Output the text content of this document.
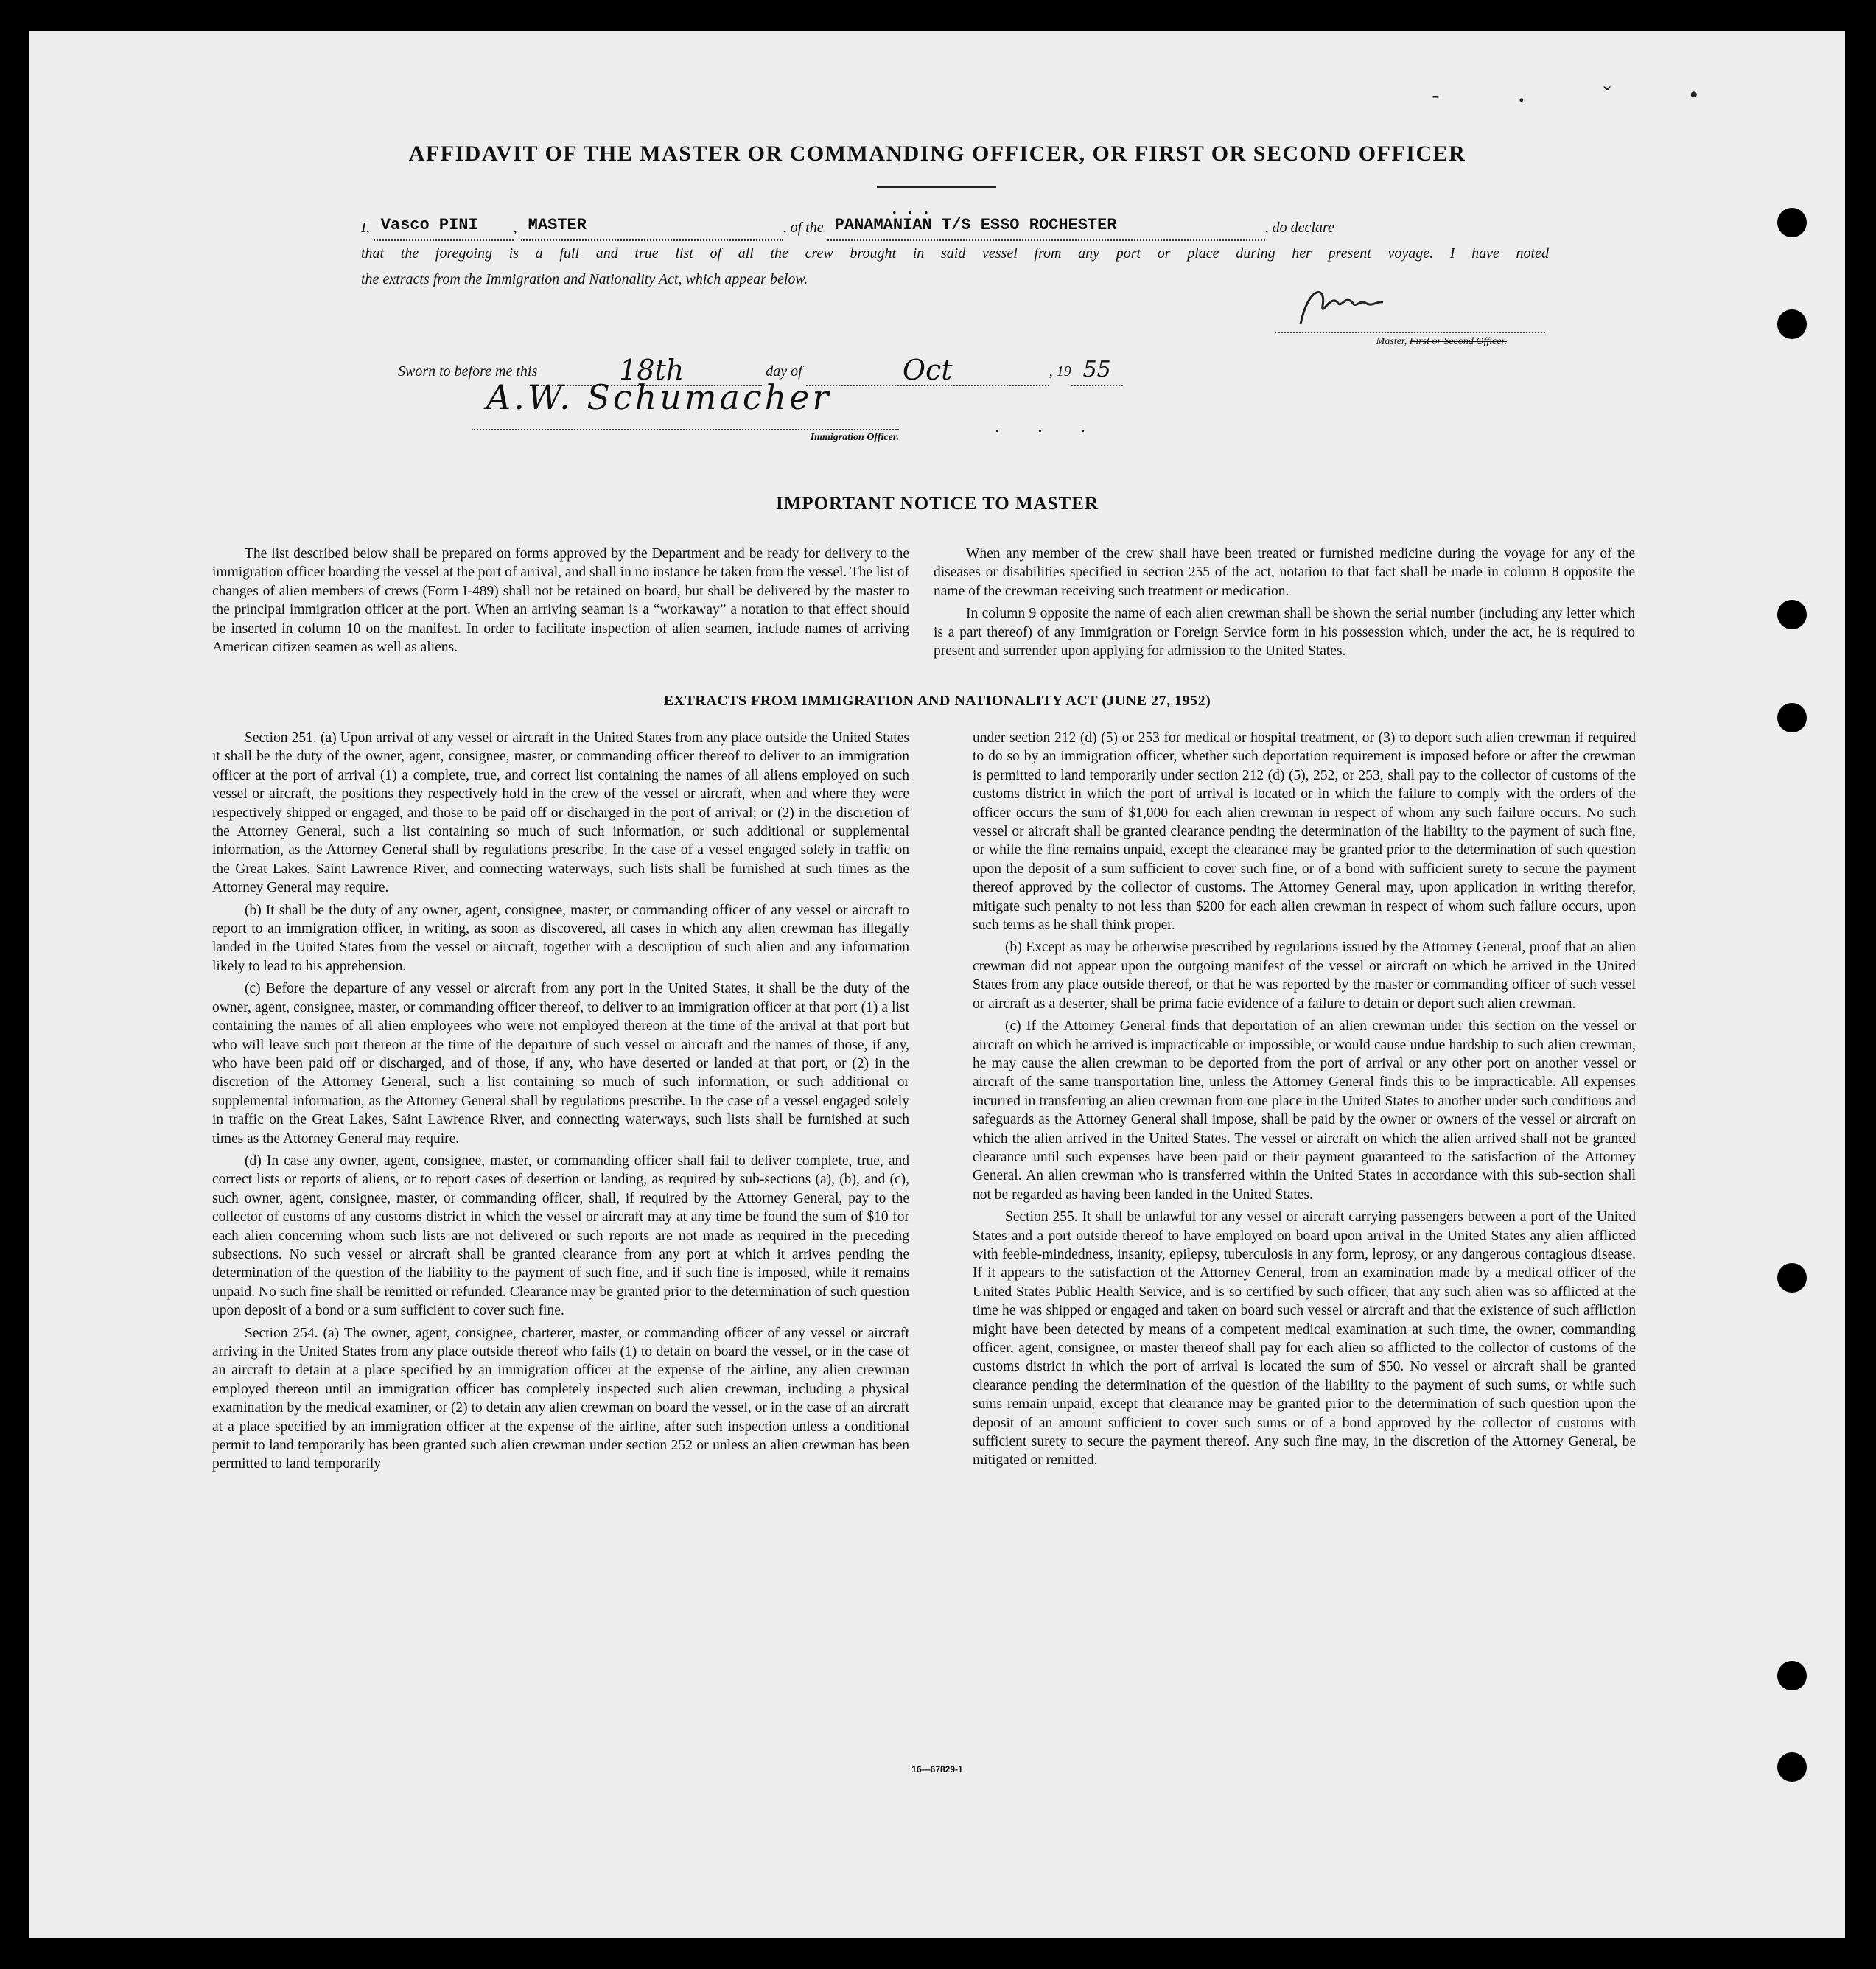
- . ˇ •
AFFIDAVIT OF THE MASTER OR COMMANDING OFFICER, OR FIRST OR SECOND OFFICER
...
I, Vasco PINI , MASTER	, of the PANAMANIAN T/S ESSO ROCHESTER	, do declare
that the foregoing is a full and true list of all the crew brought in said vessel from any port or place during her present voyage. I have noted
the extracts from the Immigration and Nationality Act, which appear below.
Master, First or Second Officer.
Sworn to before me this	18th	day of	Oct	, 19 55
A.W. Schumacher
Immigration Officer.
. . .
IMPORTANT NOTICE TO MASTER

The list described below shall be prepared on forms approved by the Department and be ready for delivery to the immigration officer boarding the vessel at the port of arrival, and shall in no instance be taken from the vessel. The list of changes of alien members of crews (Form I-489) shall not be retained on board, but shall be delivered by the master to the principal immigration officer at the port. When an arriving seaman is a “workaway” a notation to that effect should be inserted in column 10 on the manifest. In order to facilitate inspection of alien seamen, include names of arriving American citizen seamen as well as aliens.

When any member of the crew shall have been treated or furnished medicine during the voyage for any of the diseases or disabilities specified in section 255 of the act, notation to that fact shall be made in column 8 opposite the name of the crewman receiving such treatment or medication.

In column 9 opposite the name of each alien crewman shall be shown the serial number (including any letter which is a part thereof) of any Immigration or Foreign Service form in his possession which, under the act, he is required to present and surrender upon applying for admission to the United States.

EXTRACTS FROM IMMIGRATION AND NATIONALITY ACT (JUNE 27, 1952)

Section 251. (a) Upon arrival of any vessel or aircraft in the United States from any place outside the United States it shall be the duty of the owner, agent, consignee, master, or commanding officer thereof to deliver to an immigration officer at the port of arrival (1) a complete, true, and correct list containing the names of all aliens employed on such vessel or aircraft, the positions they respectively hold in the crew of the vessel or aircraft, when and where they were respectively shipped or engaged, and those to be paid off or discharged in the port of arrival; or (2) in the discretion of the Attorney General, such a list containing so much of such information, or such additional or supplemental information, as the Attorney General shall by regulations prescribe. In the case of a vessel engaged solely in traffic on the Great Lakes, Saint Lawrence River, and connecting waterways, such lists shall be furnished at such times as the Attorney General may require.

(b) It shall be the duty of any owner, agent, consignee, master, or commanding officer of any vessel or aircraft to report to an immigration officer, in writing, as soon as discovered, all cases in which any alien crewman has illegally landed in the United States from the vessel or aircraft, together with a description of such alien and any information likely to lead to his apprehension.

(c) Before the departure of any vessel or aircraft from any port in the United States, it shall be the duty of the owner, agent, consignee, master, or commanding officer thereof, to deliver to an immigration officer at that port (1) a list containing the names of all alien employees who were not employed thereon at the time of the arrival at that port but who will leave such port thereon at the time of the departure of such vessel or aircraft and the names of those, if any, who have been paid off or discharged, and of those, if any, who have deserted or landed at that port, or (2) in the discretion of the Attorney General, such a list containing so much of such information, or such additional or supplemental information, as the Attorney General shall by regulations prescribe. In the case of a vessel engaged solely in traffic on the Great Lakes, Saint Lawrence River, and connecting waterways, such lists shall be furnished at such times as the Attorney General may require.

(d) In case any owner, agent, consignee, master, or commanding officer shall fail to deliver complete, true, and correct lists or reports of aliens, or to report cases of desertion or landing, as required by sub-sections (a), (b), and (c), such owner, agent, consignee, master, or commanding officer, shall, if required by the Attorney General, pay to the collector of customs of any customs district in which the vessel or aircraft may at any time be found the sum of $10 for each alien concerning whom such lists are not delivered or such reports are not made as required in the preceding subsections. No such vessel or aircraft shall be granted clearance from any port at which it arrives pending the determination of the question of the liability to the payment of such fine, and if such fine is imposed, while it remains unpaid. No such fine shall be remitted or refunded. Clearance may be granted prior to the determination of such question upon deposit of a bond or a sum sufficient to cover such fine.

Section 254. (a) The owner, agent, consignee, charterer, master, or commanding officer of any vessel or aircraft arriving in the United States from any place outside thereof who fails (1) to detain on board the vessel, or in the case of an aircraft to detain at a place specified by an immigration officer at the expense of the airline, any alien crewman employed thereon until an immigration officer has completely inspected such alien crewman, including a physical examination by the medical examiner, or (2) to detain any alien crewman on board the vessel, or in the case of an aircraft at a place specified by an immigration officer at the expense of the airline, after such inspection unless a conditional permit to land temporarily has been granted such alien crewman under section 252 or unless an alien crewman has been permitted to land temporarily

under section 212 (d) (5) or 253 for medical or hospital treatment, or (3) to deport such alien crewman if required to do so by an immigration officer, whether such deportation requirement is imposed before or after the crewman is permitted to land temporarily under section 212 (d) (5), 252, or 253, shall pay to the collector of customs of the customs district in which the port of arrival is located or in which the failure to comply with the orders of the officer occurs the sum of $1,000 for each alien crewman in respect of whom any such failure occurs. No such vessel or aircraft shall be granted clearance pending the determination of the liability to the payment of such fine, or while the fine remains unpaid, except the clearance may be granted prior to the determination of such question upon the deposit of a sum sufficient to cover such fine, or of a bond with sufficient surety to secure the payment thereof approved by the collector of customs. The Attorney General may, upon application in writing therefor, mitigate such penalty to not less than $200 for each alien crewman in respect of whom such failure occurs, upon such terms as he shall think proper.

(b) Except as may be otherwise prescribed by regulations issued by the Attorney General, proof that an alien crewman did not appear upon the outgoing manifest of the vessel or aircraft on which he arrived in the United States from any place outside thereof, or that he was reported by the master or commanding officer of such vessel or aircraft as a deserter, shall be prima facie evidence of a failure to detain or deport such alien crewman.

(c) If the Attorney General finds that deportation of an alien crewman under this section on the vessel or aircraft on which he arrived is impracticable or impossible, or would cause undue hardship to such alien crewman, he may cause the alien crewman to be deported from the port of arrival or any other port on another vessel or aircraft of the same transportation line, unless the Attorney General finds this to be impracticable. All expenses incurred in transferring an alien crewman from one place in the United States to another under such conditions and safeguards as the Attorney General shall impose, shall be paid by the owner or owners of the vessel or aircraft on which the alien arrived in the United States. The vessel or aircraft on which the alien arrived shall not be granted clearance until such expenses have been paid or their payment guaranteed to the satisfaction of the Attorney General. An alien crewman who is transferred within the United States in accordance with this sub-section shall not be regarded as having been landed in the United States.

Section 255. It shall be unlawful for any vessel or aircraft carrying passengers between a port of the United States and a port outside thereof to have employed on board upon arrival in the United States any alien afflicted with feeble-mindedness, insanity, epilepsy, tuberculosis in any form, leprosy, or any dangerous contagious disease. If it appears to the satisfaction of the Attorney General, from an examination made by a medical officer of the United States Public Health Service, and is so certified by such officer, that any such alien was so afflicted at the time he was shipped or engaged and taken on board such vessel or aircraft and that the existence of such affliction might have been detected by means of a competent medical examination at such time, the owner, commanding officer, agent, consignee, or master thereof shall pay for each alien so afflicted to the collector of customs of the customs district in which the port of arrival is located the sum of $50. No vessel or aircraft shall be granted clearance pending the determination of the question of the liability to the payment of such sums, or while such sums remain unpaid, except that clearance may be granted prior to the determination of such question upon the deposit of an amount sufficient to cover such sums or of a bond approved by the collector of customs with sufficient surety to secure the payment thereof. Any such fine may, in the discretion of the Attorney General, be mitigated or remitted.

16—67829-1
